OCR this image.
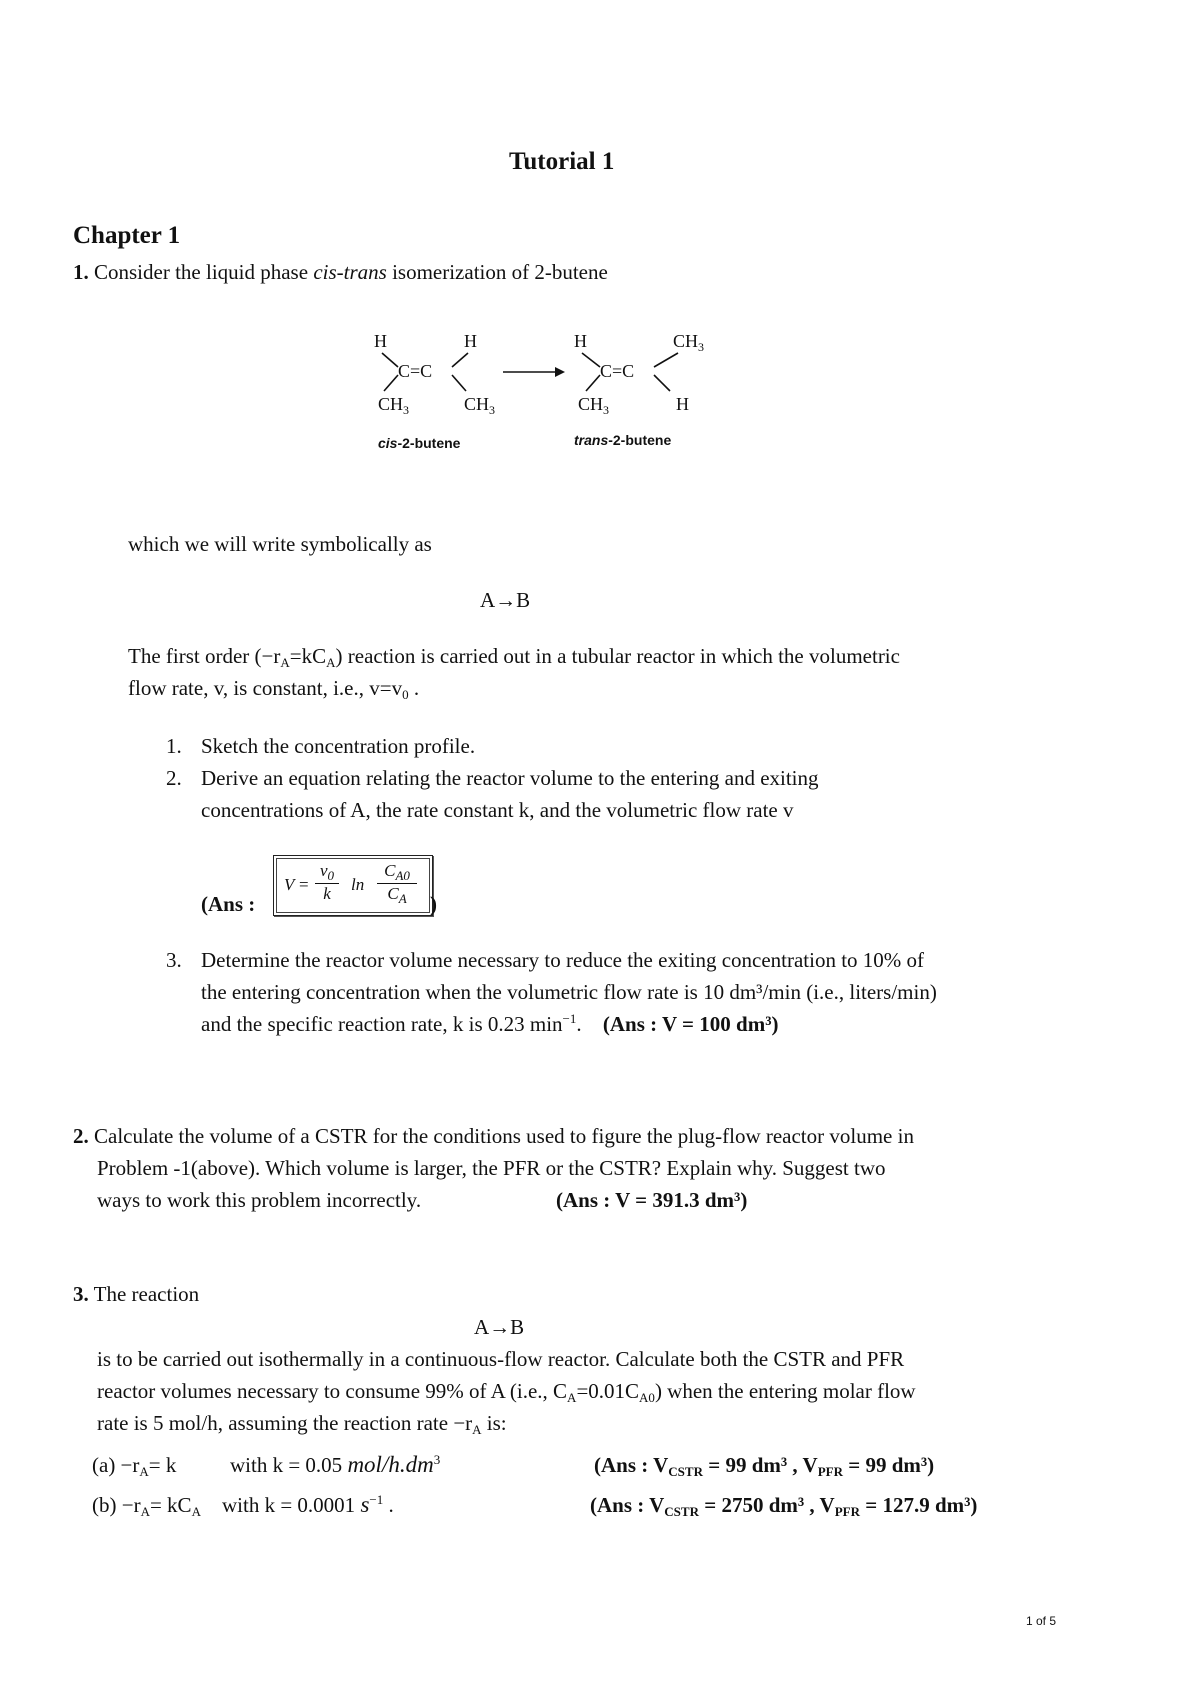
Tutorial 1
Chapter 1
1. Consider the liquid phase cis-trans isomerization of 2-butene
H	H
C=C
$CH_3$	$CH_3$
H	$CH_3$
C=C
$CH_3$	H
cis-2-butene	trans-2-butene
which we will write symbolically as
A→B
The first order $(-r_A=kC_A)$ reaction is carried out in a tubular reactor in which the volumetric
flow rate, v, is constant, i.e., $v=v_0$ .
1. Sketch the concentration profile.
2. Derive an equation relating the reactor volume to the entering and exiting
concentrations of A, the rate constant k, and the volumetric flow rate v
(Ans :
V =
$v_0$
k	ln
$C_{A0}$
$C_A$	)
3. Determine the reactor volume necessary to reduce the exiting concentration to 10% of
the entering concentration when the volumetric flow rate is 10 dm³/min (i.e., liters/min)
and the specific reaction rate, k is 0.23 $\min^{-1}$. (Ans : V = 100 dm³)
2. Calculate the volume of a CSTR for the conditions used to figure the plug-flow reactor volume in
Problem -1(above). Which volume is larger, the PFR or the CSTR? Explain why. Suggest two
ways to work this problem incorrectly.	(Ans : V = 391.3 dm³)
3. The reaction
A→B
is to be carried out isothermally in a continuous-flow reactor. Calculate both the CSTR and PFR
reactor volumes necessary to consume 99% of A (i.e., $C_A=0.01C_{A0}$) when the entering molar flow
rate is 5 mol/h, assuming the reaction rate $-r_A$ is:
$(a) -r_A= k$	with k = 0.05 mol/$h.dm^3$	(Ans : $V_{CSTR} = 99$ dm³ , $V_{PFR} = 99$ dm³)
$(b) -r_A= kC_A$ with k = 0.0001 $s^{-1}$ .	(Ans : $V_{CSTR} = 2750$ dm³ , $V_{PFR} = 127.9$ dm³)
1 of 5
